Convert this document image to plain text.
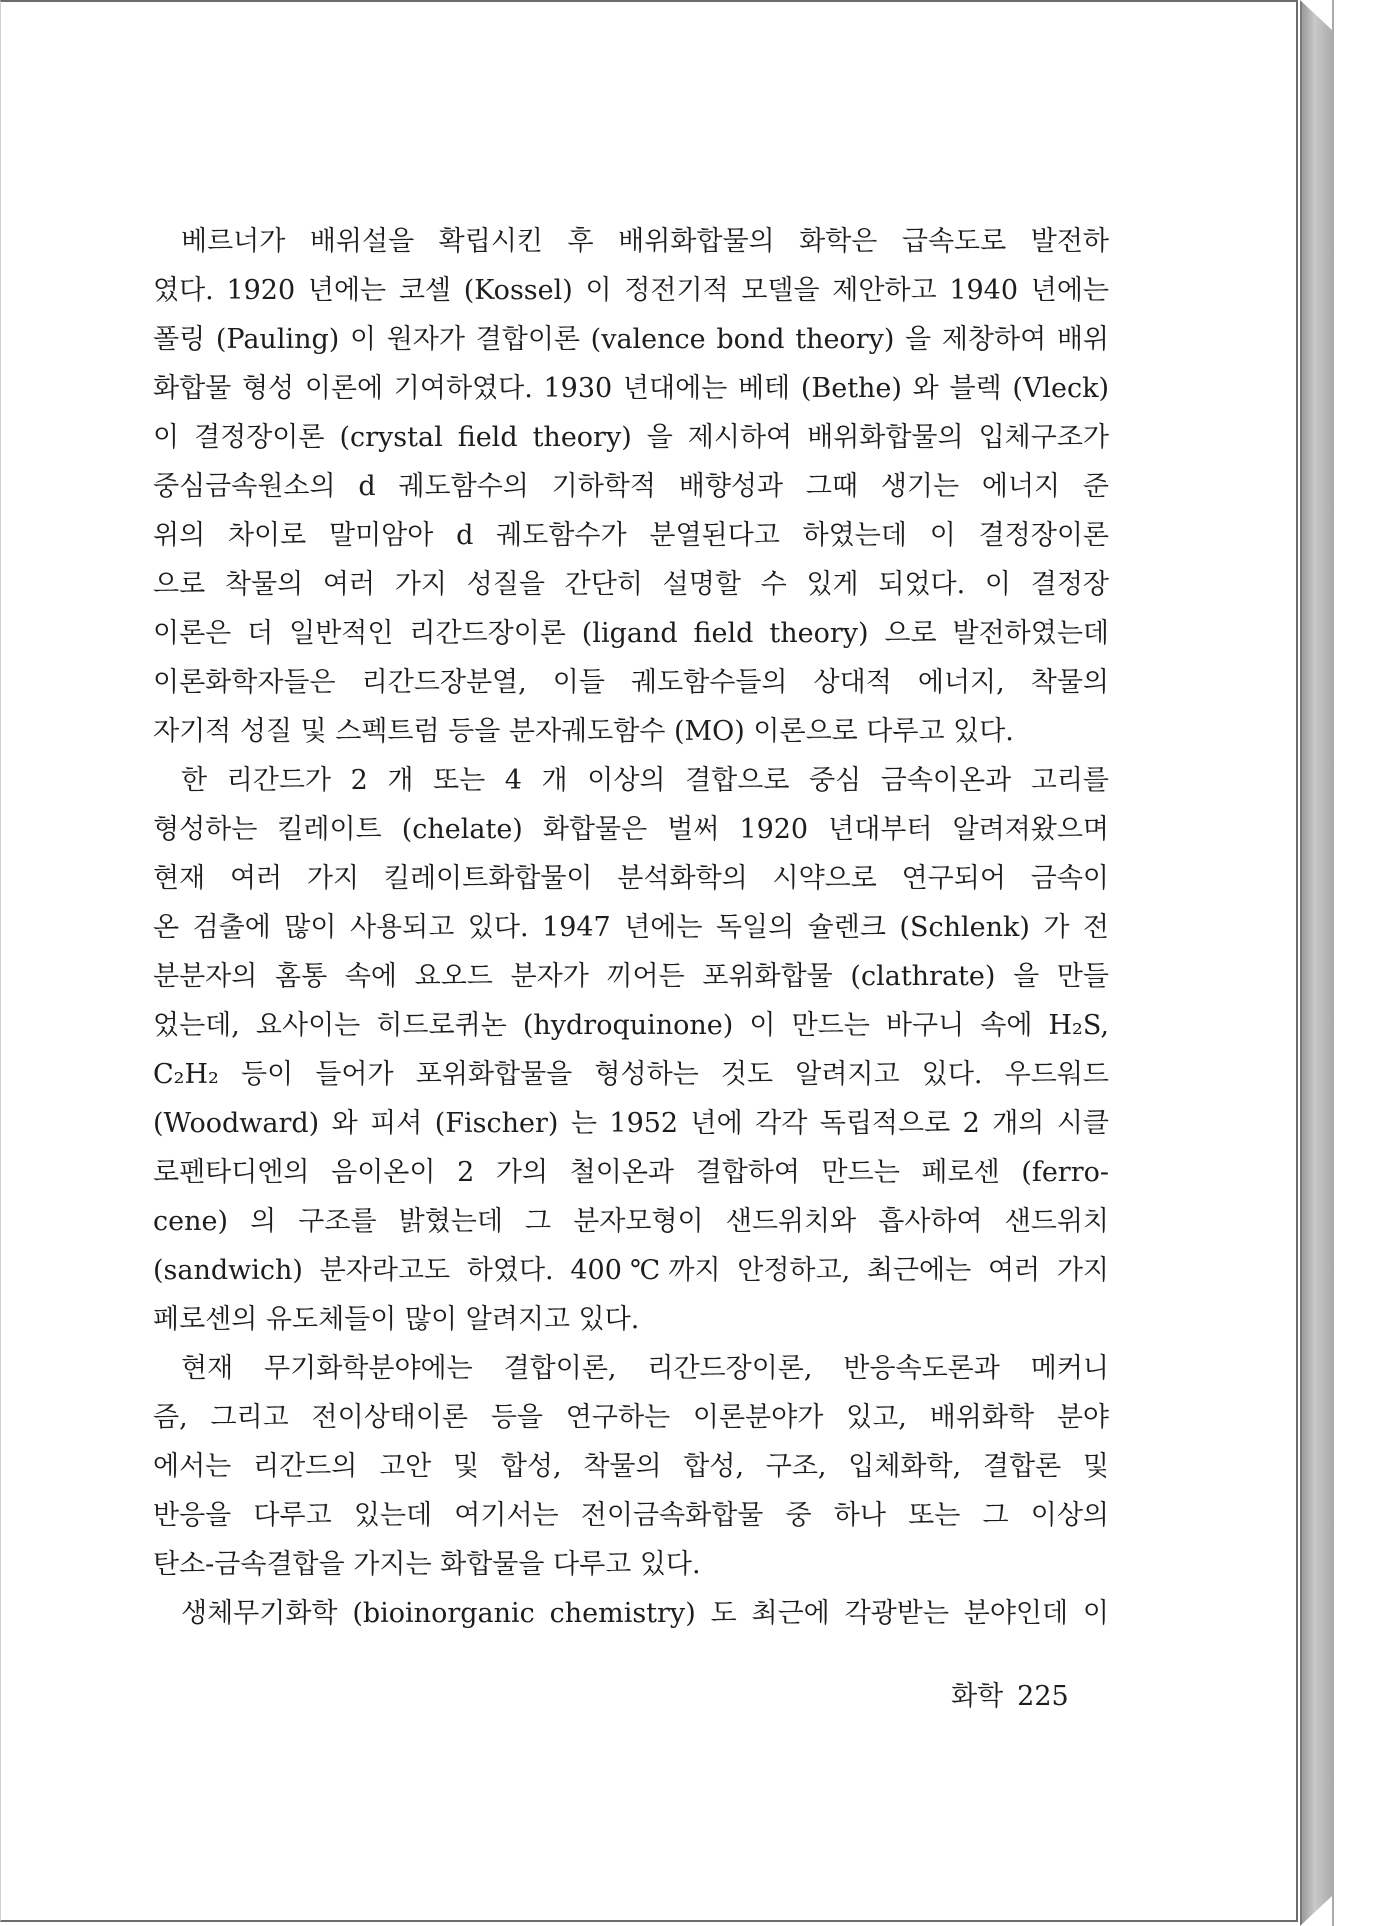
베르너가 배위설을 확립시킨 후 배위화합물의 화학은 급속도로 발전하
였다. 1920 년에는 코셀 (Kossel) 이 정전기적 모델을 제안하고 1940 년에는
폴링 (Pauling) 이 원자가 결합이론 (valence bond theory) 을 제창하여 배위
화합물 형성 이론에 기여하였다. 1930 년대에는 베테 (Bethe) 와 블렉 (Vleck)
이 결정장이론 (crystal field theory) 을 제시하여 배위화합물의 입체구조가
중심금속원소의 d 궤도함수의 기하학적 배향성과 그때 생기는 에너지 준
위의 차이로 말미암아 d 궤도함수가 분열된다고 하였는데 이 결정장이론
으로 착물의 여러 가지 성질을 간단히 설명할 수 있게 되었다. 이 결정장
이론은 더 일반적인 리간드장이론 (ligand field theory) 으로 발전하였는데
이론화학자들은 리간드장분열, 이들 궤도함수들의 상대적 에너지, 착물의
자기적 성질 및 스펙트럼 등을 분자궤도함수 (MO) 이론으로 다루고 있다.
한 리간드가 2 개 또는 4 개 이상의 결합으로 중심 금속이온과 고리를
형성하는 킬레이트 (chelate) 화합물은 벌써 1920 년대부터 알려져왔으며
현재 여러 가지 킬레이트화합물이 분석화학의 시약으로 연구되어 금속이
온 검출에 많이 사용되고 있다. 1947 년에는 독일의 슐렌크 (Schlenk) 가 전
분분자의 홈통 속에 요오드 분자가 끼어든 포위화합물 (clathrate) 을 만들
었는데, 요사이는 히드로퀴논 (hydroquinone) 이 만드는 바구니 속에 H₂S,
C₂H₂ 등이 들어가 포위화합물을 형성하는 것도 알려지고 있다. 우드워드
(Woodward) 와 피셔 (Fischer) 는 1952 년에 각각 독립적으로 2 개의 시클
로펜타디엔의 음이온이 2 가의 철이온과 결합하여 만드는 페로센 (ferro-
cene) 의 구조를 밝혔는데 그 분자모형이 샌드위치와 흡사하여 샌드위치
(sandwich) 분자라고도 하였다. 400℃까지 안정하고, 최근에는 여러 가지
페로센의 유도체들이 많이 알려지고 있다.
현재 무기화학분야에는 결합이론, 리간드장이론, 반응속도론과 메커니
즘, 그리고 전이상태이론 등을 연구하는 이론분야가 있고, 배위화학 분야
에서는 리간드의 고안 및 합성, 착물의 합성, 구조, 입체화학, 결합론 및
반응을 다루고 있는데 여기서는 전이금속화합물 중 하나 또는 그 이상의
탄소-금속결합을 가지는 화합물을 다루고 있다.
생체무기화학 (bioinorganic chemistry) 도 최근에 각광받는 분야인데 이
화학 225
